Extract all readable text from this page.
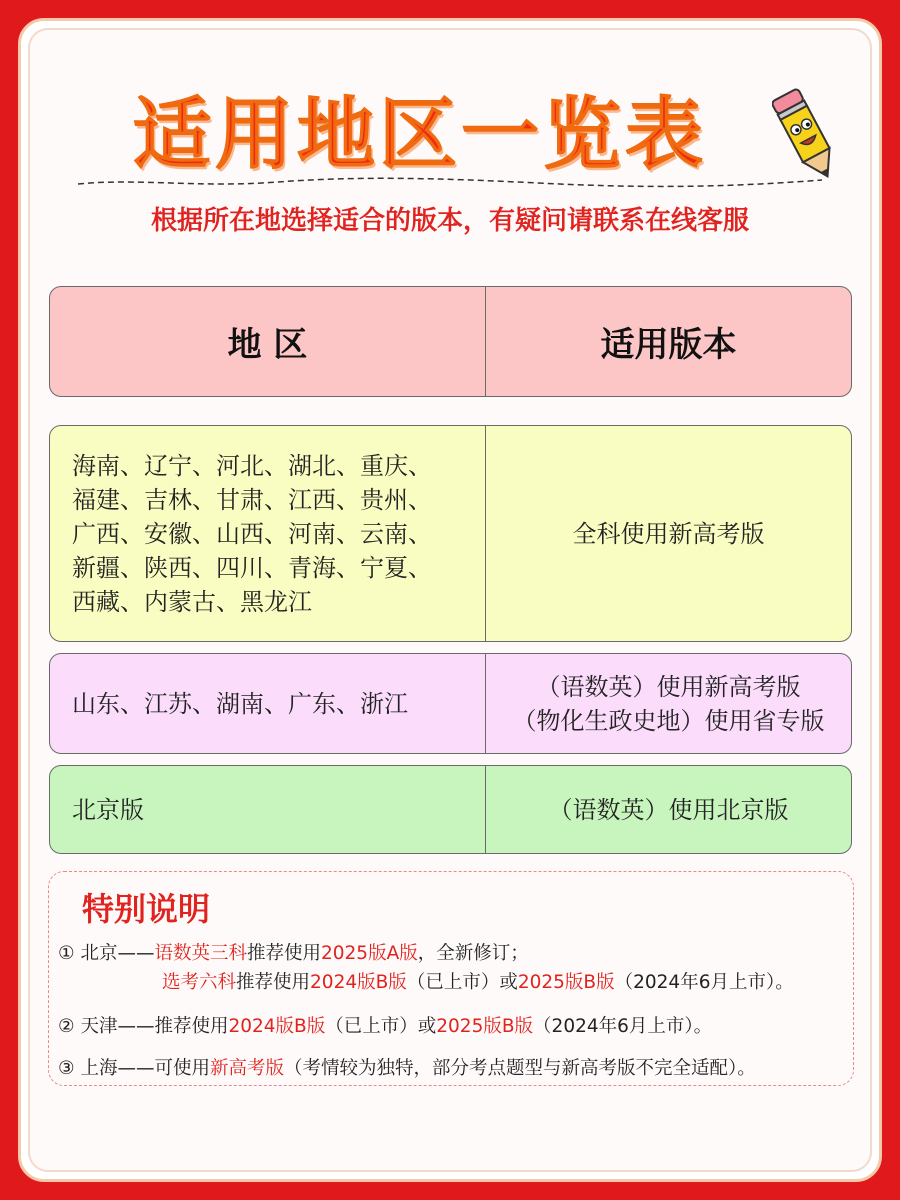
适用地区一览表
根据所在地选择适合的版本，有疑问请联系在线客服
地 区	适用版本
海南、辽宁、河北、湖北、重庆、
福建、吉林、甘肃、江西、贵州、
广西、安徽、山西、河南、云南、
新疆、陕西、四川、青海、宁夏、
西藏、内蒙古、黑龙江
全科使用新高考版
山东、江苏、湖南、广东、浙江
（语数英）使用新高考版
（物化生政史地）使用省专版
北京版	（语数英）使用北京版
特别说明
① 北京——语数英三科推荐使用2025版A版，全新修订；
选考六科推荐使用2024版B版（已上市）或2025版B版（2024年6月上市）。
② 天津——推荐使用2024版B版（已上市）或2025版B版（2024年6月上市）。
③ 上海——可使用新高考版（考情较为独特，部分考点题型与新高考版不完全适配）。
